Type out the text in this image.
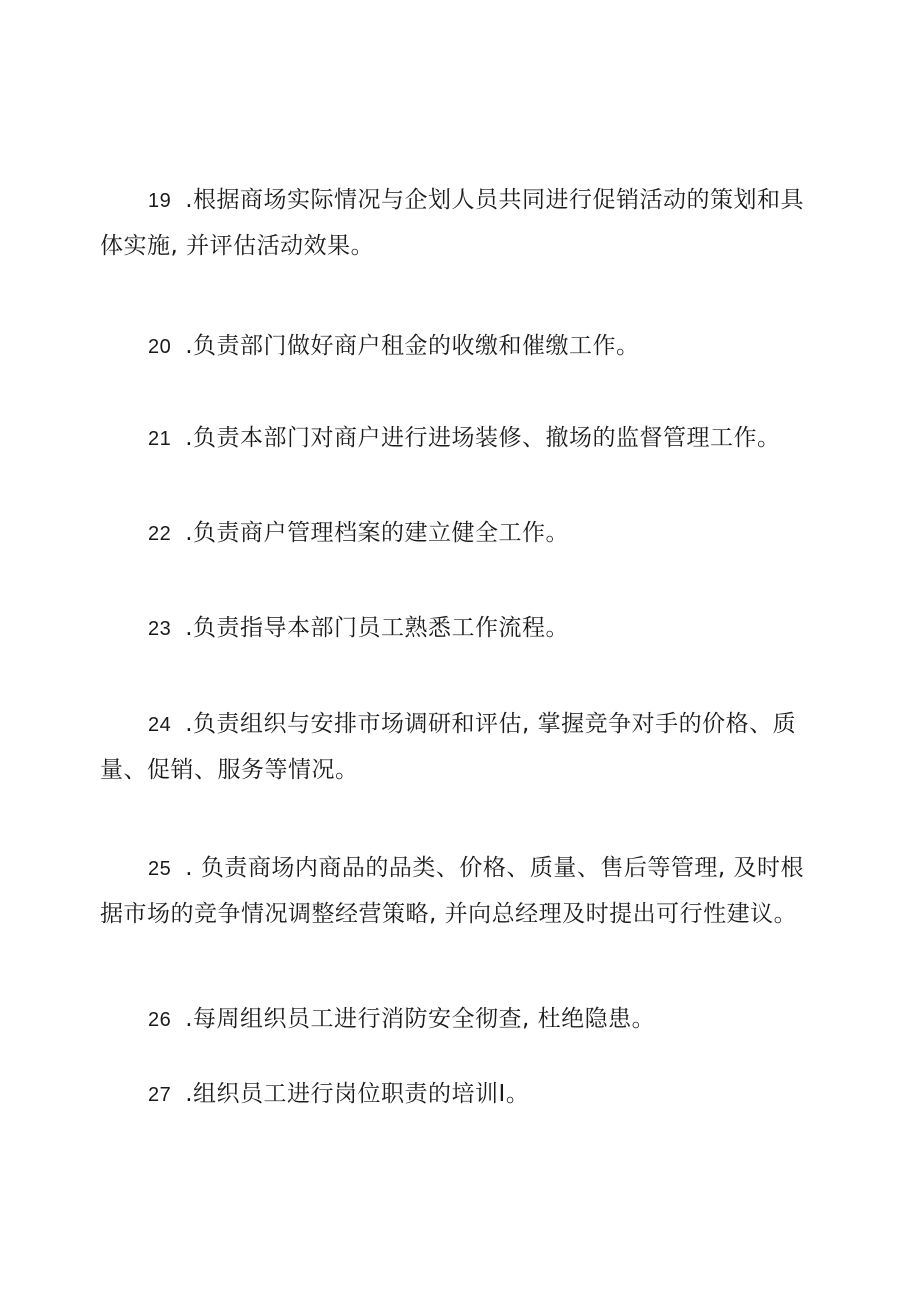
19 .根据商场实际情况与企划人员共同进行促销活动的策划和具体实施, 并评估活动效果。

20 .负责部门做好商户租金的收缴和催缴工作。

21 .负责本部门对商户进行进场装修、撤场的监督管理工作。

22 .负责商户管理档案的建立健全工作。

23 .负责指导本部门员工熟悉工作流程。

24 .负责组织与安排市场调研和评估, 掌握竞争对手的价格、质量、促销、服务等情况。

25 . 负责商场内商品的品类、价格、质量、售后等管理, 及时根据市场的竞争情况调整经营策略, 并向总经理及时提出可行性建议。

26 .每周组织员工进行消防安全彻查, 杜绝隐患。

27 .组织员工进行岗位职责的培训I。
